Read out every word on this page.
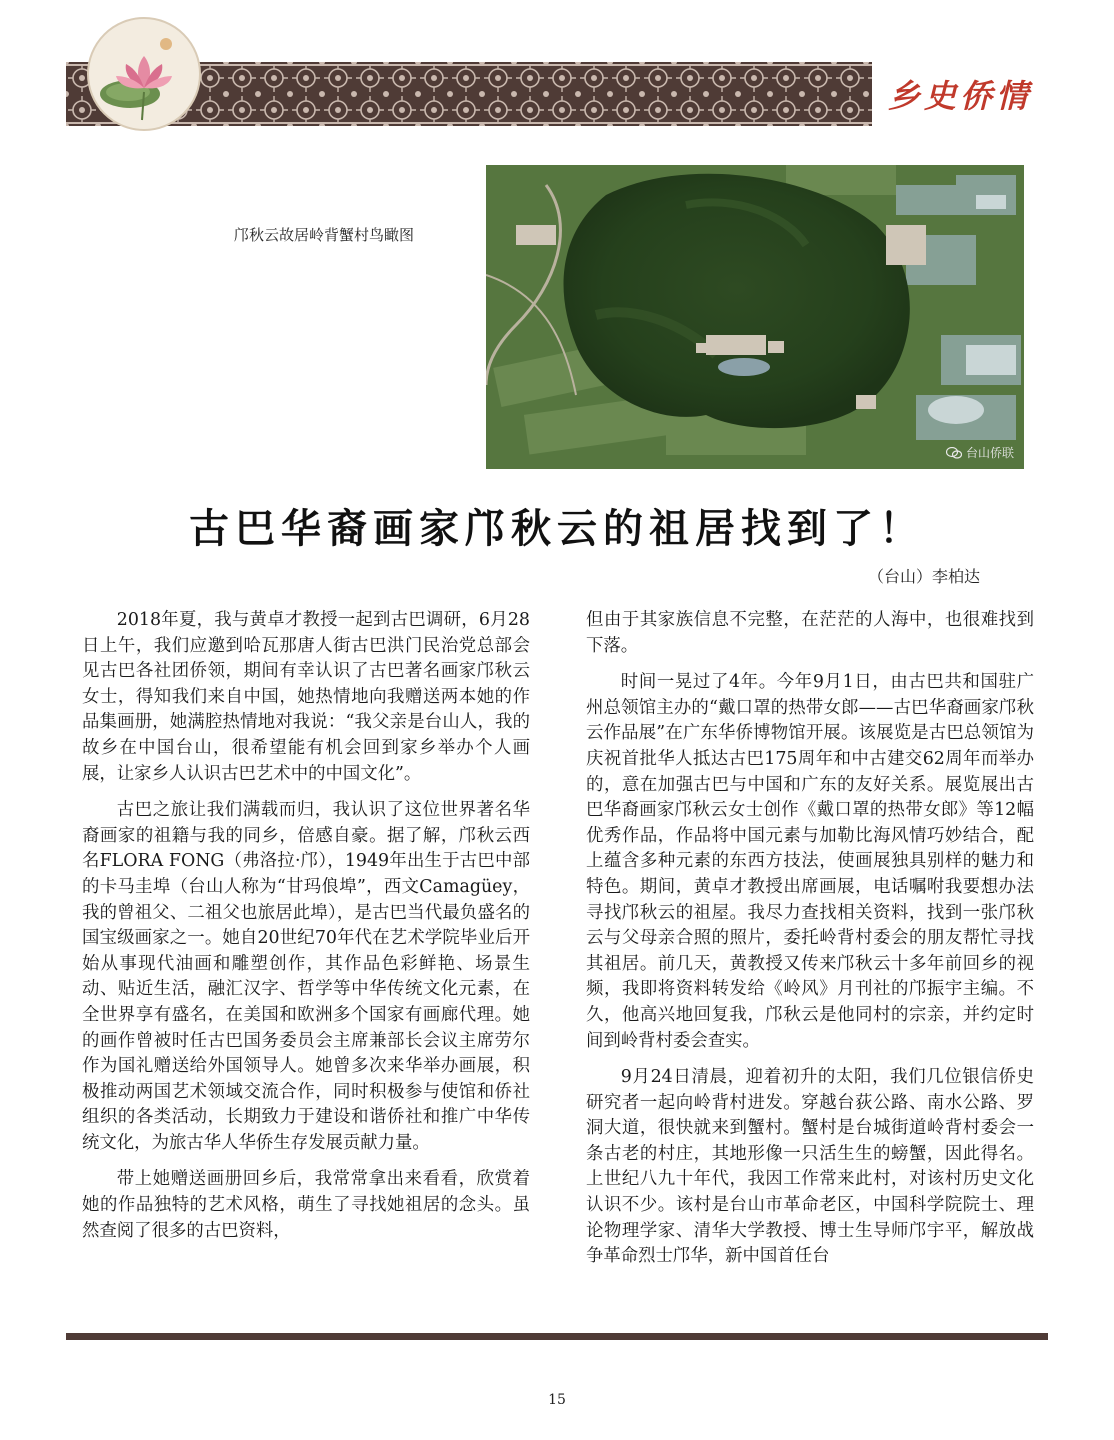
乡史侨情
台山侨联
邝秋云故居岭背蟹村鸟瞰图
古巴华裔画家邝秋云的祖居找到了！
（台山）李柏达

2018年夏，我与黄卓才教授一起到古巴调研，6月28日上午，我们应邀到哈瓦那唐人街古巴洪门民治党总部会见古巴各社团侨领，期间有幸认识了古巴著名画家邝秋云女士，得知我们来自中国，她热情地向我赠送两本她的作品集画册，她满腔热情地对我说：“我父亲是台山人，我的故乡在中国台山，很希望能有机会回到家乡举办个人画展，让家乡人认识古巴艺术中的中国文化”。

古巴之旅让我们满载而归，我认识了这位世界著名华裔画家的祖籍与我的同乡，倍感自豪。据了解，邝秋云西名FLORA FONG（弗洛拉·邝），1949年出生于古巴中部的卡马圭埠（台山人称为“甘玛俍埠”，西文Camagüey，我的曾祖父、二祖父也旅居此埠），是古巴当代最负盛名的国宝级画家之一。她自20世纪70年代在艺术学院毕业后开始从事现代油画和雕塑创作，其作品色彩鲜艳、场景生动、贴近生活，融汇汉字、哲学等中华传统文化元素，在全世界享有盛名，在美国和欧洲多个国家有画廊代理。她的画作曾被时任古巴国务委员会主席兼部长会议主席劳尔作为国礼赠送给外国领导人。她曾多次来华举办画展，积极推动两国艺术领域交流合作，同时积极参与使馆和侨社组织的各类活动，长期致力于建设和谐侨社和推广中华传统文化，为旅古华人华侨生存发展贡献力量。

带上她赠送画册回乡后，我常常拿出来看看，欣赏着她的作品独特的艺术风格，萌生了寻找她祖居的念头。虽然查阅了很多的古巴资料，

但由于其家族信息不完整，在茫茫的人海中，也很难找到下落。

时间一晃过了4年。今年9月1日，由古巴共和国驻广州总领馆主办的“戴口罩的热带女郎——古巴华裔画家邝秋云作品展”在广东华侨博物馆开展。该展览是古巴总领馆为庆祝首批华人抵达古巴175周年和中古建交62周年而举办的，意在加强古巴与中国和广东的友好关系。展览展出古巴华裔画家邝秋云女士创作《戴口罩的热带女郎》等12幅优秀作品，作品将中国元素与加勒比海风情巧妙结合，配上蕴含多种元素的东西方技法，使画展独具别样的魅力和特色。期间，黄卓才教授出席画展，电话嘱咐我要想办法寻找邝秋云的祖屋。我尽力查找相关资料，找到一张邝秋云与父母亲合照的照片，委托岭背村委会的朋友帮忙寻找其祖居。前几天，黄教授又传来邝秋云十多年前回乡的视频，我即将资料转发给《岭风》月刊社的邝振宇主编。不久，他高兴地回复我，邝秋云是他同村的宗亲，并约定时间到岭背村委会查实。

9月24日清晨，迎着初升的太阳，我们几位银信侨史研究者一起向岭背村进发。穿越台荻公路、南水公路、罗洞大道，很快就来到蟹村。蟹村是台城街道岭背村委会一条古老的村庄，其地形像一只活生生的螃蟹，因此得名。上世纪八九十年代，我因工作常来此村，对该村历史文化认识不少。该村是台山市革命老区，中国科学院院士、理论物理学家、清华大学教授、博士生导师邝宇平，解放战争革命烈士邝华，新中国首任台

15
